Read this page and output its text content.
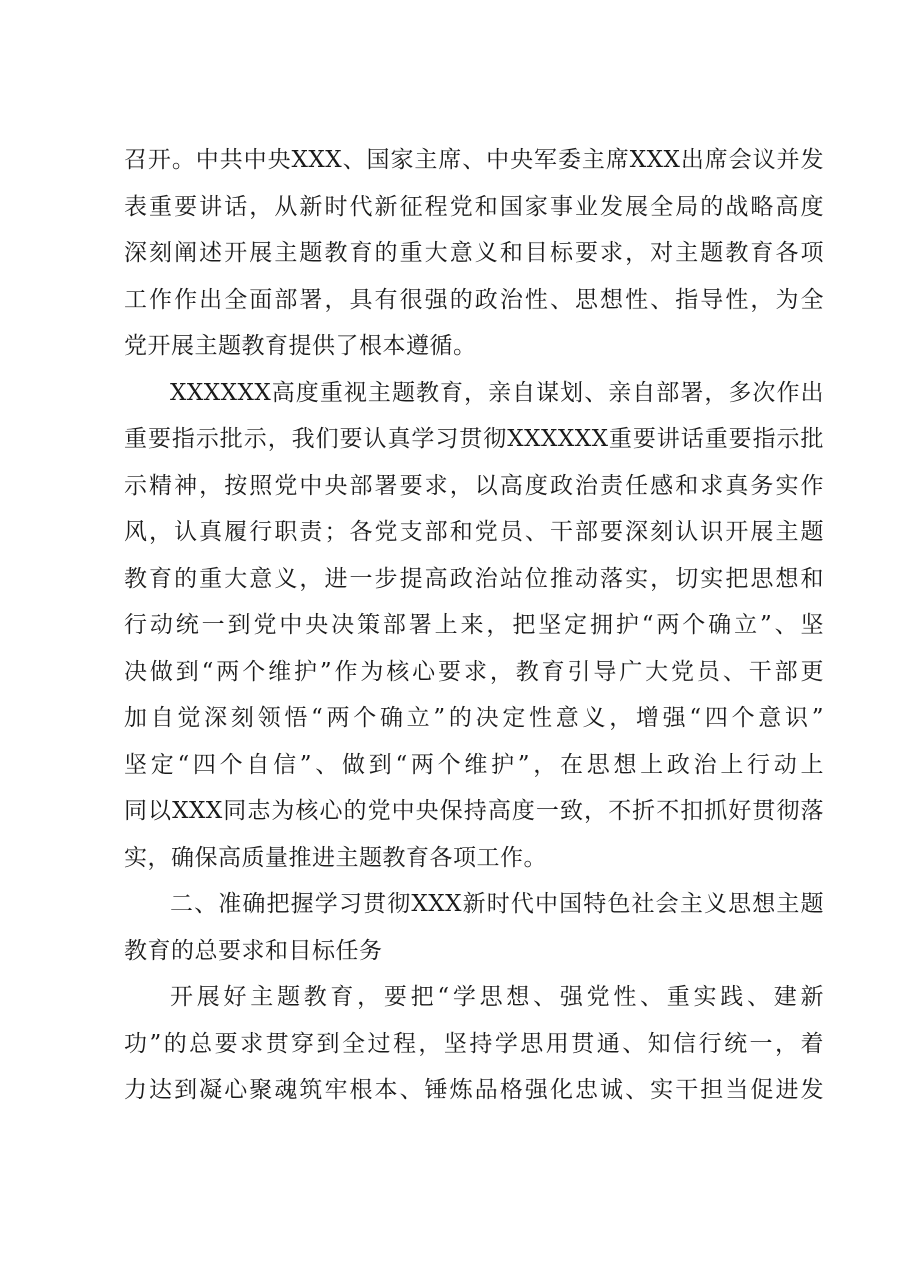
召开。中共中央XXX、国家主席、中央军委主席XXX出席会议并发
表重要讲话，从新时代新征程党和国家事业发展全局的战略高度
深刻阐述开展主题教育的重大意义和目标要求，对主题教育各项
工作作出全面部署，具有很强的政治性、思想性、指导性，为全
党开展主题教育提供了根本遵循。
XXXXXX高度重视主题教育，亲自谋划、亲自部署，多次作出
重要指示批示，我们要认真学习贯彻XXXXXX重要讲话重要指示批
示精神，按照党中央部署要求，以高度政治责任感和求真务实作
风，认真履行职责；各党支部和党员、干部要深刻认识开展主题
教育的重大意义，进一步提高政治站位推动落实，切实把思想和
行动统一到党中央决策部署上来，把坚定拥护“两个确立”、坚
决做到“两个维护”作为核心要求，教育引导广大党员、干部更
加自觉深刻领悟“两个确立”的决定性意义，增强“四个意识”
坚定“四个自信”、做到“两个维护”，在思想上政治上行动上
同以XXX同志为核心的党中央保持高度一致，不折不扣抓好贯彻落
实，确保高质量推进主题教育各项工作。
二、准确把握学习贯彻XXX新时代中国特色社会主义思想主题
教育的总要求和目标任务
开展好主题教育，要把“学思想、强党性、重实践、建新
功”的总要求贯穿到全过程，坚持学思用贯通、知信行统一，着
力达到凝心聚魂筑牢根本、锤炼品格强化忠诚、实干担当促进发
